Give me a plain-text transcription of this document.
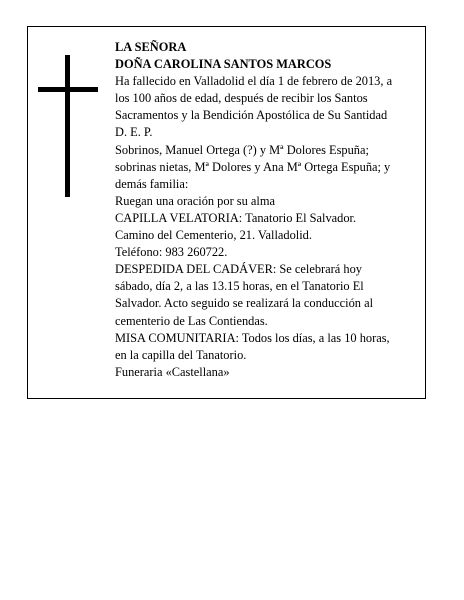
LA SEÑORA
DOÑA CAROLINA SANTOS MARCOS
Ha fallecido en Valladolid el día 1 de febrero de 2013, a
los 100 años de edad, después de recibir los Santos
Sacramentos y la Bendición Apostólica de Su Santidad
D. E. P.
Sobrinos, Manuel Ortega (?) y Mª Dolores Espuña;
sobrinas nietas, Mª Dolores y Ana Mª Ortega Espuña; y
demás familia:
Ruegan una oración por su alma
CAPILLA VELATORIA: Tanatorio El Salvador.
Camino del Cementerio, 21. Valladolid.
Teléfono: 983 260722.
DESPEDIDA DEL CADÁVER: Se celebrará hoy
sábado, día 2, a las 13.15 horas, en el Tanatorio El
Salvador. Acto seguido se realizará la conducción al
cementerio de Las Contiendas.
MISA COMUNITARIA: Todos los días, a las 10 horas,
en la capilla del Tanatorio.
Funeraria «Castellana»
